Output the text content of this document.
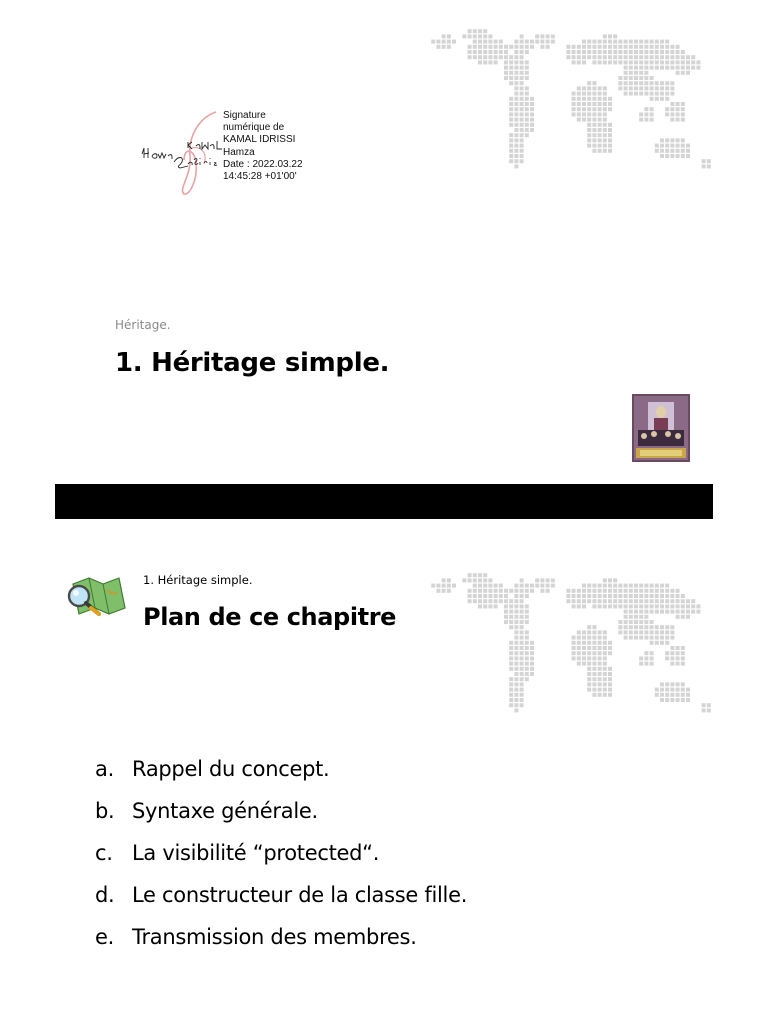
Signature
numérique de
KAMAL IDRISSI
Hamza
Date : 2022.03.22
14:45:28 +01'00'
Héritage.
1. Héritage simple.
1. Héritage simple.
Plan de ce chapitre
a. Rappel du concept.
b. Syntaxe générale.
c. La visibilité “protected“.
d. Le constructeur de la classe fille.
e. Transmission des membres.
